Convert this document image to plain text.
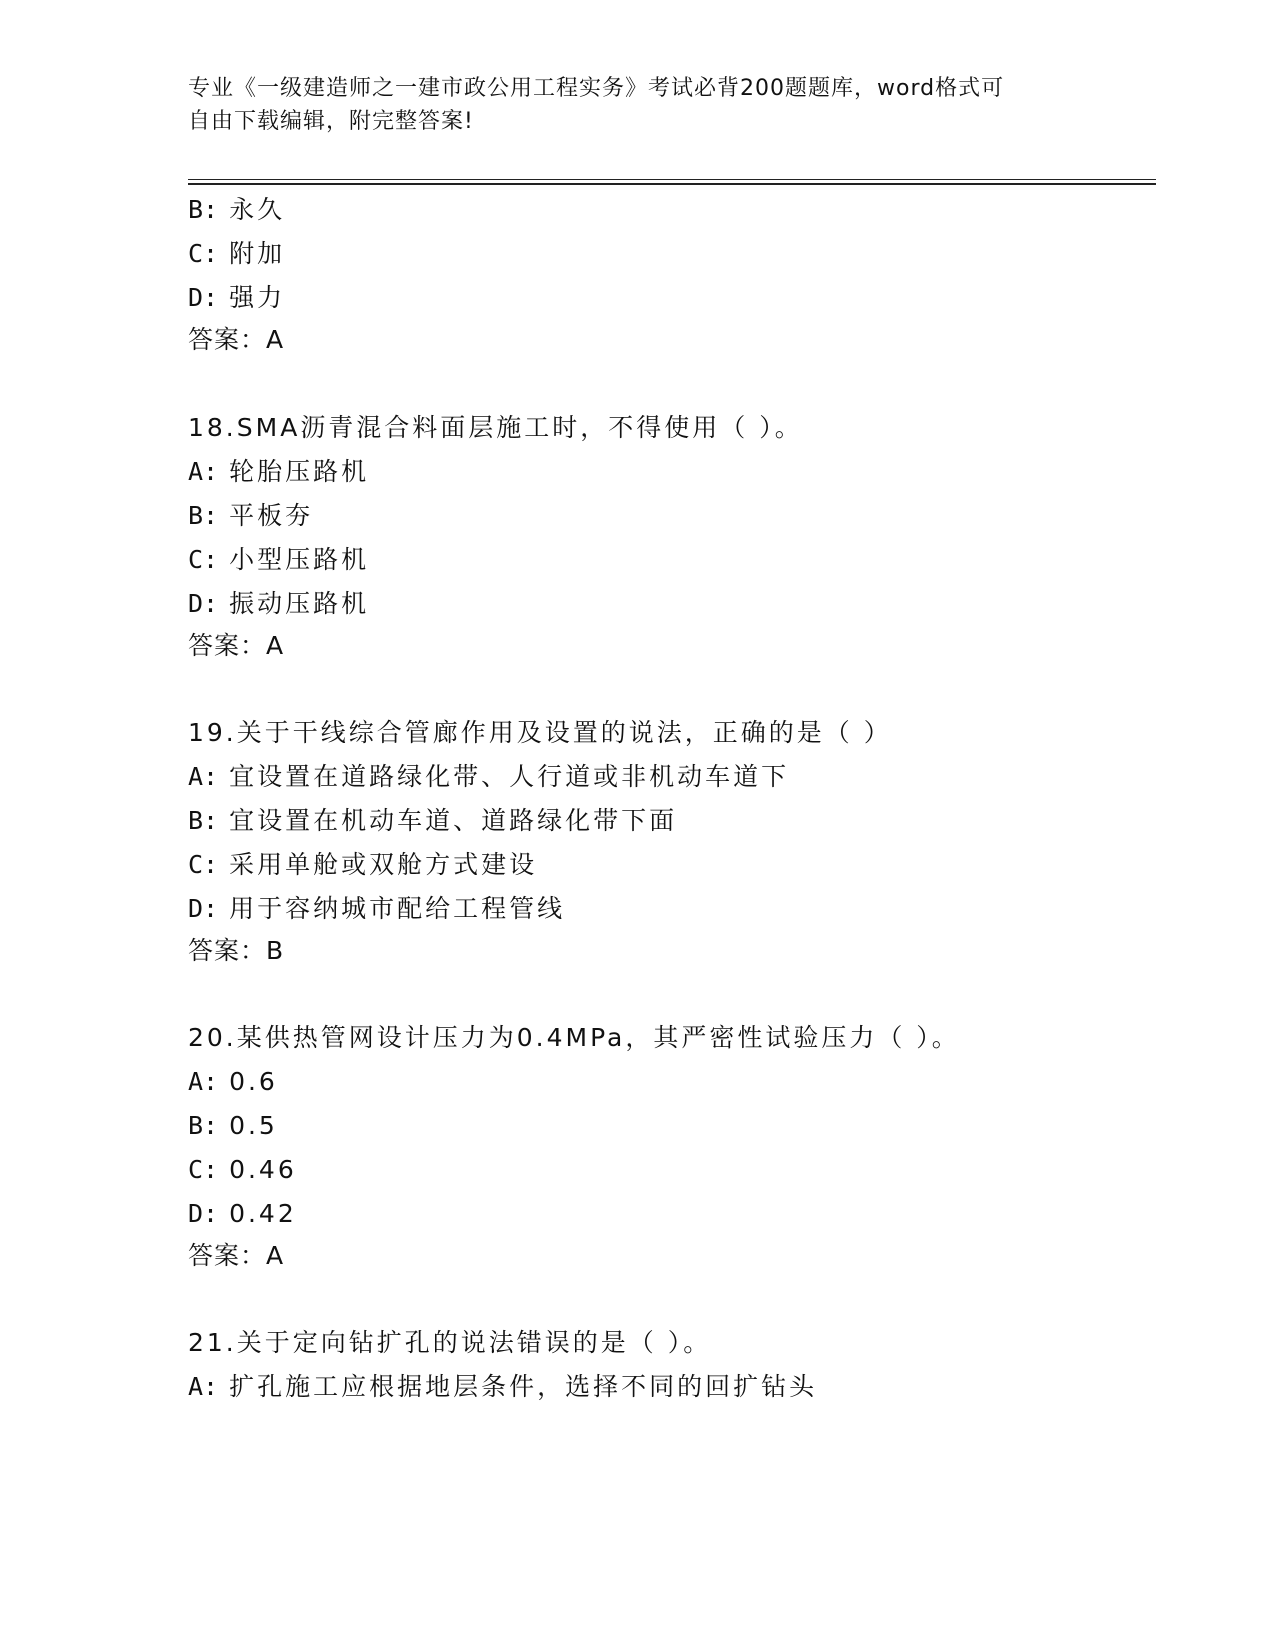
专业《一级建造师之一建市政公用工程实务》考试必背200题题库，word格式可
自由下载编辑，附完整答案!
B: 永久
C: 附加
D: 强力
答案：A
18.SMA沥青混合料面层施工时，不得使用（ ）。
A: 轮胎压路机
B: 平板夯
C: 小型压路机
D: 振动压路机
答案：A
19.关于干线综合管廊作用及设置的说法，正确的是（ ）
A: 宜设置在道路绿化带、人行道或非机动车道下
B: 宜设置在机动车道、道路绿化带下面
C: 采用单舱或双舱方式建设
D: 用于容纳城市配给工程管线
答案：B
20.某供热管网设计压力为0.4MPa，其严密性试验压力（ ）。
A: 0.6
B: 0.5
C: 0.46
D: 0.42
答案：A
21.关于定向钻扩孔的说法错误的是（ ）。
A: 扩孔施工应根据地层条件，选择不同的回扩钻头
